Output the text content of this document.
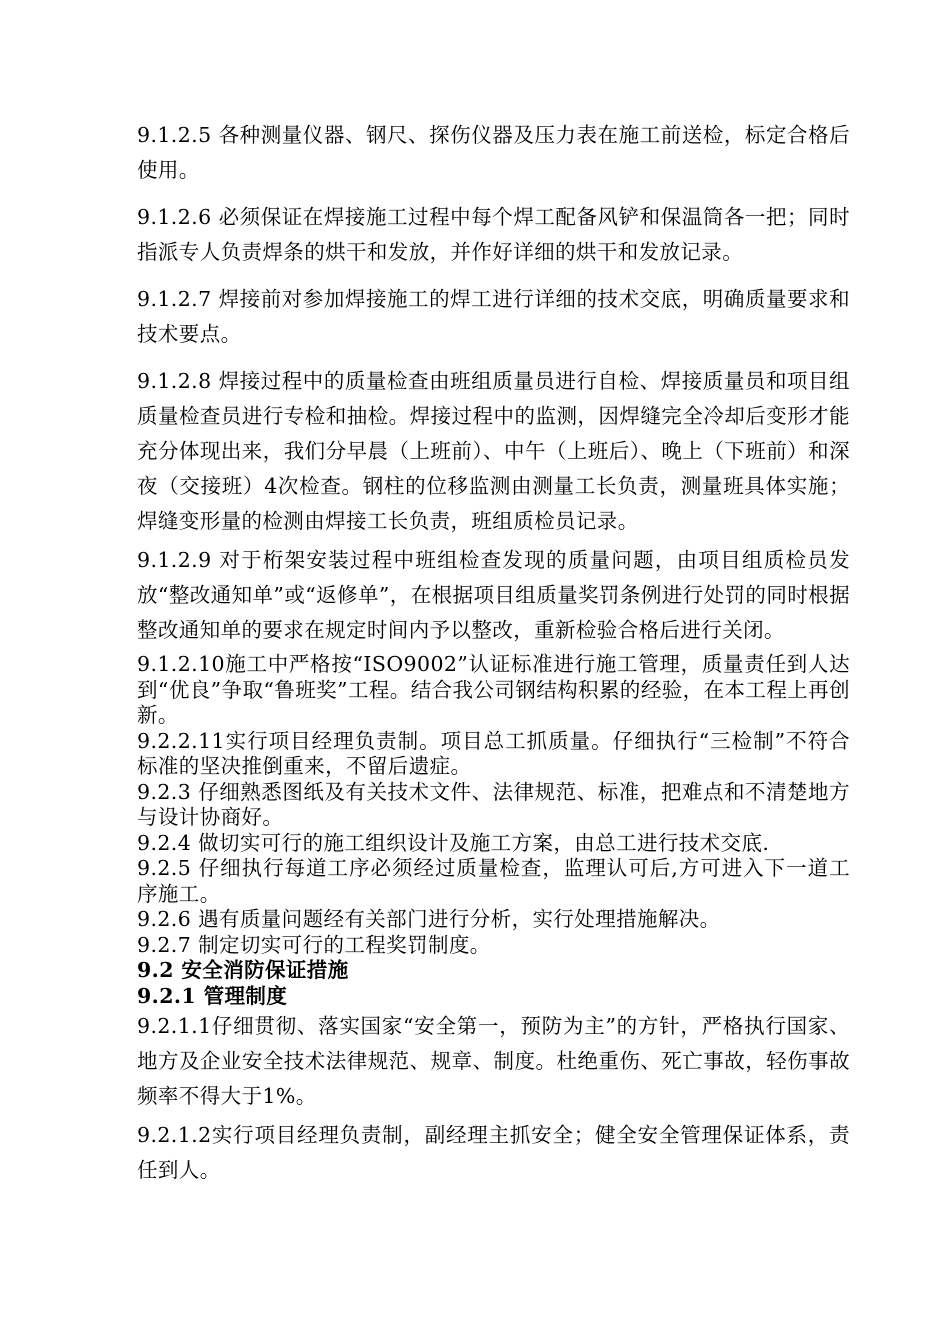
9.1.2.5 各种测量仪器、钢尺、探伤仪器及压力表在施工前送检，标定合格后使用。

9.1.2.6 必须保证在焊接施工过程中每个焊工配备风铲和保温筒各一把；同时指派专人负责焊条的烘干和发放，并作好详细的烘干和发放记录。

9.1.2.7 焊接前对参加焊接施工的焊工进行详细的技术交底，明确质量要求和技术要点。

9.1.2.8 焊接过程中的质量检查由班组质量员进行自检、焊接质量员和项目组质量检查员进行专检和抽检。焊接过程中的监测，因焊缝完全冷却后变形才能充分体现出来，我们分早晨（上班前）、中午（上班后）、晚上（下班前）和深夜（交接班）4次检查。钢柱的位移监测由测量工长负责，测量班具体实施；焊缝变形量的检测由焊接工长负责，班组质检员记录。

9.1.2.9 对于桁架安装过程中班组检查发现的质量问题，由项目组质检员发放“整改通知单”或“返修单”，在根据项目组质量奖罚条例进行处罚的同时根据整改通知单的要求在规定时间内予以整改，重新检验合格后进行关闭。

9.1.2.10施工中严格按“ISO9002”认证标准进行施工管理，质量责任到人达到“优良”争取“鲁班奖”工程。结合我公司钢结构积累的经验，在本工程上再创新。

9.2.2.11实行项目经理负责制。项目总工抓质量。仔细执行“三检制”不符合标准的坚决推倒重来，不留后遗症。

9.2.3 仔细熟悉图纸及有关技术文件、法律规范、标准，把难点和不清楚地方与设计协商好。

9.2.4 做切实可行的施工组织设计及施工方案，由总工进行技术交底.

9.2.5 仔细执行每道工序必须经过质量检查，监理认可后,方可进入下一道工序施工。

9.2.6 遇有质量问题经有关部门进行分析，实行处理措施解决。

9.2.7 制定切实可行的工程奖罚制度。

9.2 安全消防保证措施
9.2.1 管理制度

9.2.1.1仔细贯彻、落实国家“安全第一，预防为主”的方针，严格执行国家、地方及企业安全技术法律规范、规章、制度。杜绝重伤、死亡事故，轻伤事故频率不得大于1%。

9.2.1.2实行项目经理负责制，副经理主抓安全；健全安全管理保证体系，责任到人。
